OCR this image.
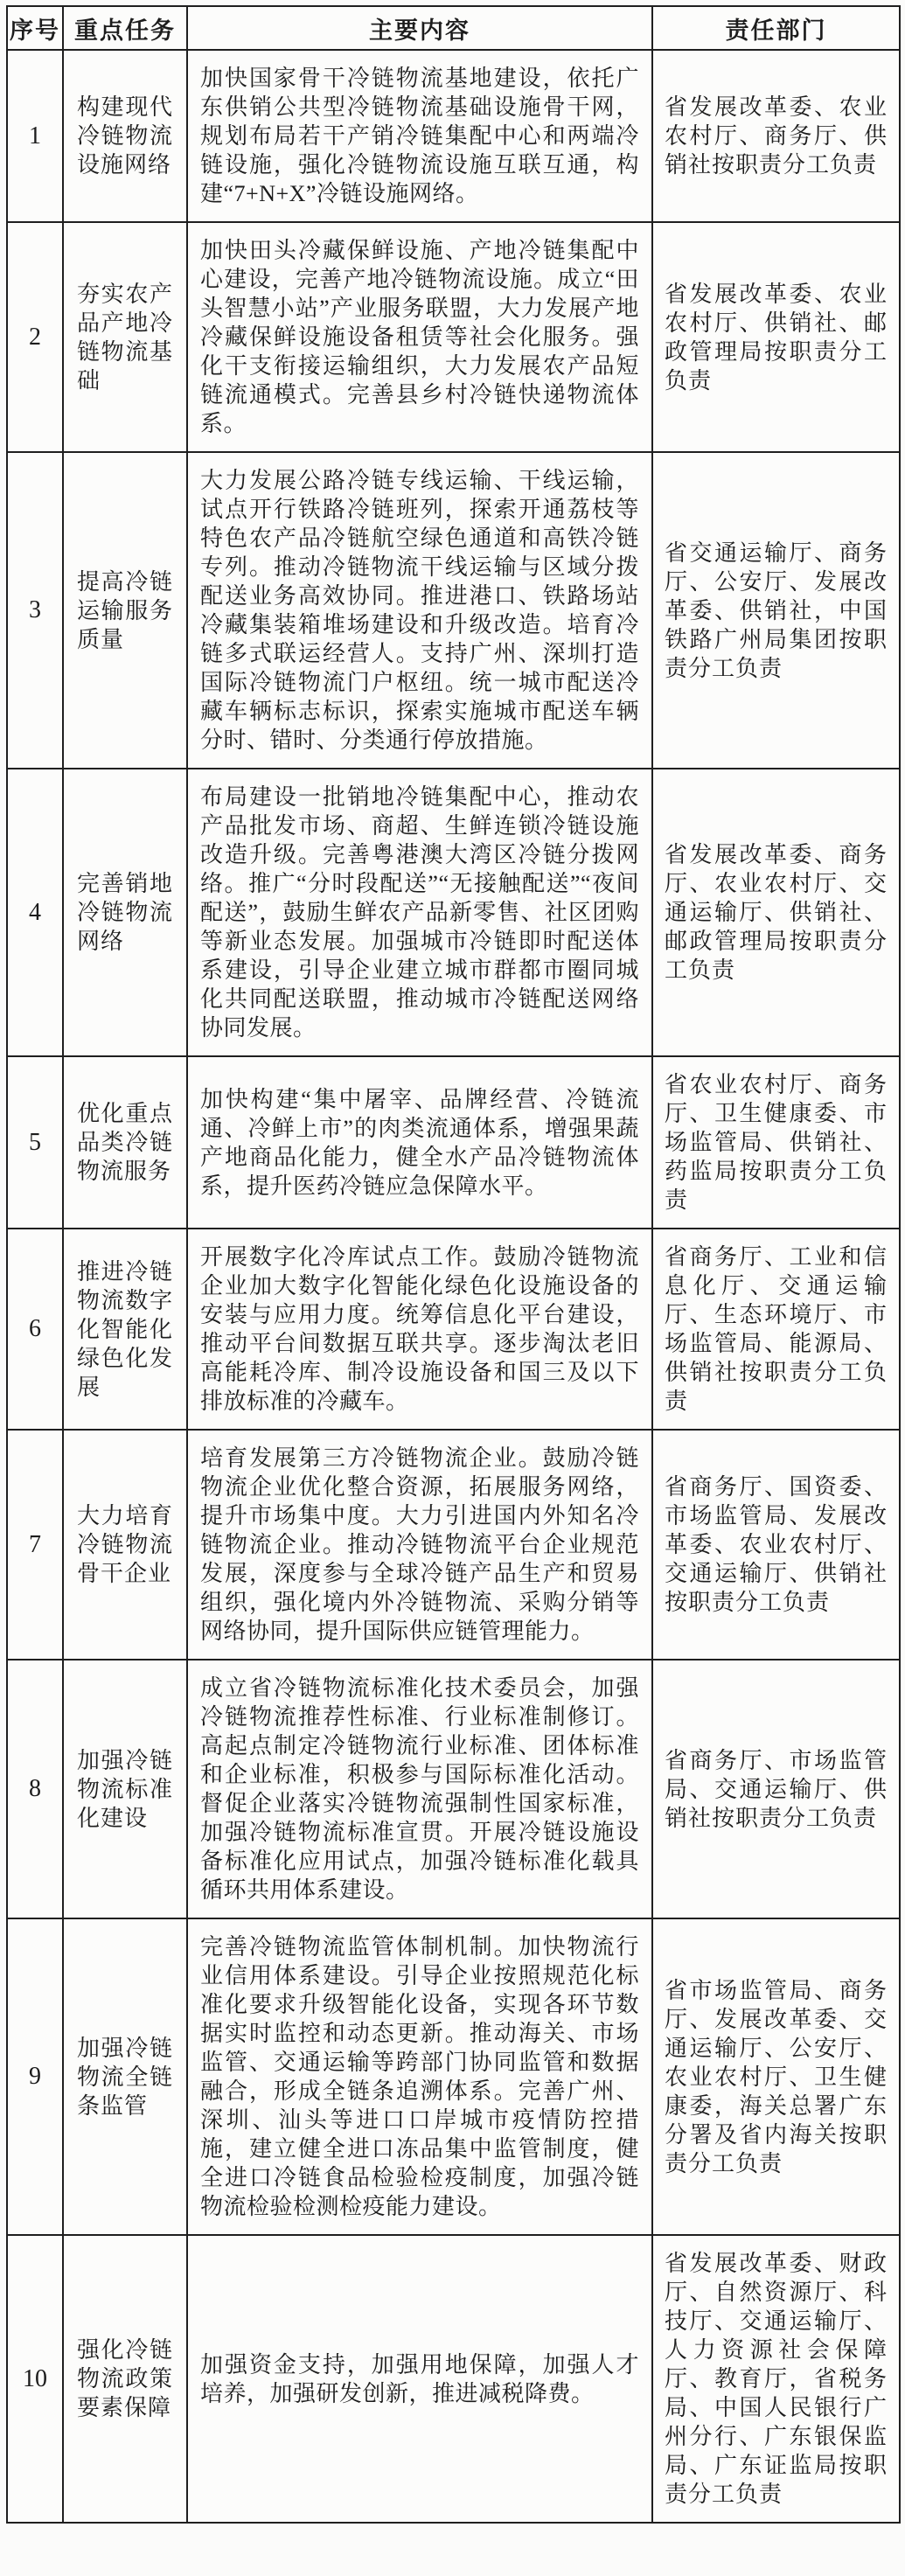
序号	重点任务	主要内容	责任部门
1	构建现代冷链物流设施网络	加快国家骨干冷链物流基地建设，依托广东供销公共型冷链物流基础设施骨干网，规划布局若干产销冷链集配中心和两端冷链设施，强化冷链物流设施互联互通，构建“7+N+X”冷链设施网络。	省发展改革委、农业农村厅、商务厅、供销社按职责分工负责
2	夯实农产品产地冷链物流基础	加快田头冷藏保鲜设施、产地冷链集配中心建设，完善产地冷链物流设施。成立“田头智慧小站”产业服务联盟，大力发展产地冷藏保鲜设施设备租赁等社会化服务。强化干支衔接运输组织，大力发展农产品短链流通模式。完善县乡村冷链快递物流体系。	省发展改革委、农业农村厅、供销社、邮政管理局按职责分工负责
3	提高冷链运输服务质量	大力发展公路冷链专线运输、干线运输，试点开行铁路冷链班列，探索开通荔枝等特色农产品冷链航空绿色通道和高铁冷链专列。推动冷链物流干线运输与区域分拨配送业务高效协同。推进港口、铁路场站冷藏集装箱堆场建设和升级改造。培育冷链多式联运经营人。支持广州、深圳打造国际冷链物流门户枢纽。统一城市配送冷藏车辆标志标识，探索实施城市配送车辆分时、错时、分类通行停放措施。	省交通运输厅、商务厅、公安厅、发展改革委、供销社，中国铁路广州局集团按职责分工负责
4	完善销地冷链物流网络	布局建设一批销地冷链集配中心，推动农产品批发市场、商超、生鲜连锁冷链设施改造升级。完善粤港澳大湾区冷链分拨网络。推广“分时段配送”“无接触配送”“夜间配送”，鼓励生鲜农产品新零售、社区团购等新业态发展。加强城市冷链即时配送体系建设，引导企业建立城市群都市圈同城化共同配送联盟，推动城市冷链配送网络协同发展。	省发展改革委、商务厅、农业农村厅、交通运输厅、供销社、邮政管理局按职责分工负责
5	优化重点品类冷链物流服务	加快构建“集中屠宰、品牌经营、冷链流通、冷鲜上市”的肉类流通体系，增强果蔬产地商品化能力，健全水产品冷链物流体系，提升医药冷链应急保障水平。	省农业农村厅、商务厅、卫生健康委、市场监管局、供销社、药监局按职责分工负责
6	推进冷链物流数字化智能化绿色化发展	开展数字化冷库试点工作。鼓励冷链物流企业加大数字化智能化绿色化设施设备的安装与应用力度。统筹信息化平台建设，推动平台间数据互联共享。逐步淘汰老旧高能耗冷库、制冷设施设备和国三及以下排放标准的冷藏车。	省商务厅、工业和信息化厅、交通运输厅、生态环境厅、市场监管局、能源局、供销社按职责分工负责
7	大力培育冷链物流骨干企业	培育发展第三方冷链物流企业。鼓励冷链物流企业优化整合资源，拓展服务网络，提升市场集中度。大力引进国内外知名冷链物流企业。推动冷链物流平台企业规范发展，深度参与全球冷链产品生产和贸易组织，强化境内外冷链物流、采购分销等网络协同，提升国际供应链管理能力。	省商务厅、国资委、市场监管局、发展改革委、农业农村厅、交通运输厅、供销社按职责分工负责
8	加强冷链物流标准化建设	成立省冷链物流标准化技术委员会，加强冷链物流推荐性标准、行业标准制修订。高起点制定冷链物流行业标准、团体标准和企业标准，积极参与国际标准化活动。督促企业落实冷链物流强制性国家标准，加强冷链物流标准宣贯。开展冷链设施设备标准化应用试点，加强冷链标准化载具循环共用体系建设。	省商务厅、市场监管局、交通运输厅、供销社按职责分工负责
9	加强冷链物流全链条监管	完善冷链物流监管体制机制。加快物流行业信用体系建设。引导企业按照规范化标准化要求升级智能化设备，实现各环节数据实时监控和动态更新。推动海关、市场监管、交通运输等跨部门协同监管和数据融合，形成全链条追溯体系。完善广州、深圳、汕头等进口口岸城市疫情防控措施，建立健全进口冻品集中监管制度，健全进口冷链食品检验检疫制度，加强冷链物流检验检测检疫能力建设。	省市场监管局、商务厅、发展改革委、交通运输厅、公安厅、农业农村厅、卫生健康委，海关总署广东分署及省内海关按职责分工负责
10	强化冷链物流政策要素保障	加强资金支持，加强用地保障，加强人才培养，加强研发创新，推进减税降费。	省发展改革委、财政厅、自然资源厅、科技厅、交通运输厅、人力资源社会保障厅、教育厅，省税务局、中国人民银行广州分行、广东银保监局、广东证监局按职责分工负责
